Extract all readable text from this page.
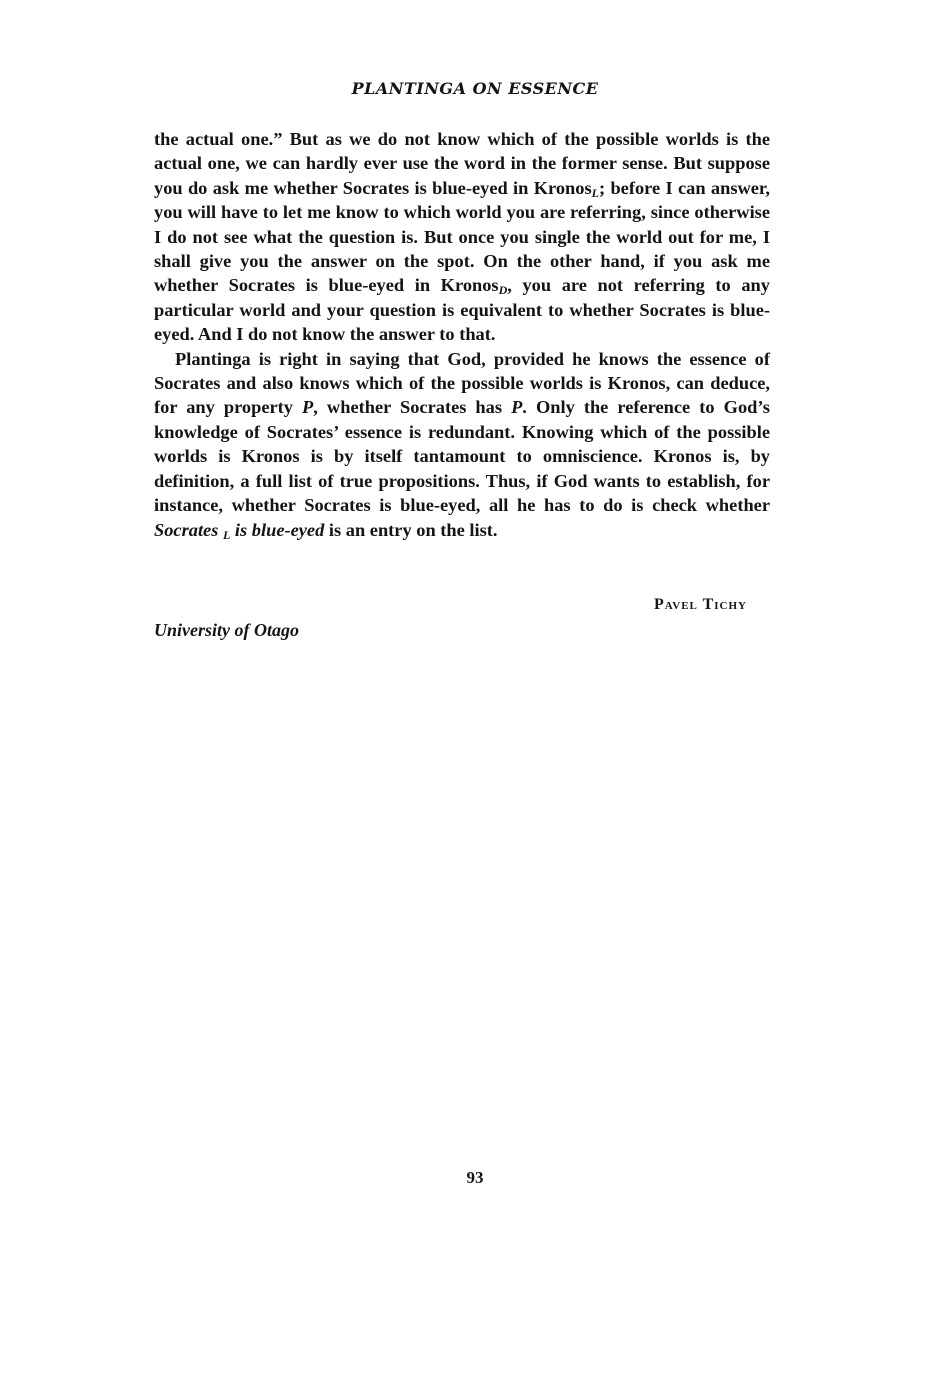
PLANTINGA ON ESSENCE

the actual one.” But as we do not know which of the possible worlds is the actual one, we can hardly ever use the word in the former sense. But suppose you do ask me whether Socrates is blue-eyed in Kronos$_L$; before I can answer, you will have to let me know to which world you are referring, since otherwise I do not see what the question is. But once you single the world out for me, I shall give you the answer on the spot. On the other hand, if you ask me whether Socrates is blue-eyed in Kronos$_D$, you are not referring to any particular world and your question is equivalent to whether Socrates is blue-eyed. And I do not know the answer to that.

Plantinga is right in saying that God, provided he knows the essence of Socrates and also knows which of the possible worlds is Kronos, can deduce, for any property P, whether Socrates has P. Only the reference to God’s knowledge of Socrates’ essence is redundant. Knowing which of the possible worlds is Kronos is by itself tantamount to omniscience. Kronos is, by definition, a full list of true propositions. Thus, if God wants to establish, for instance, whether Socrates is blue-eyed, all he has to do is check whether Socrates $_L$ is blue-eyed is an entry on the list.

Pavel Tichy
University of Otago
93
